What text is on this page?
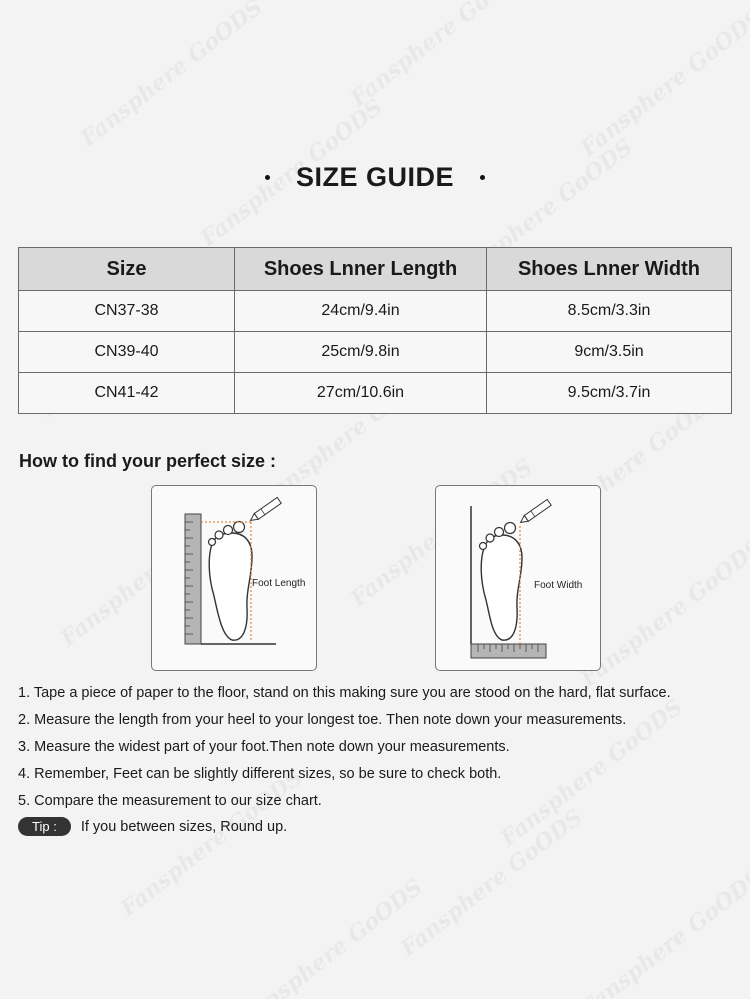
SIZE GUIDE
Size	Shoes Lnner Length	Shoes Lnner Width
CN37-38	24cm/9.4in	8.5cm/3.3in
CN39-40	25cm/9.8in	9cm/3.5in
CN41-42	27cm/10.6in	9.5cm/3.7in
How to find your perfect size :
Foot Length	Foot Width
1. Tape a piece of paper to the floor, stand on this making sure you are stood on the hard, flat surface.
2. Measure the length from your heel to your longest toe. Then note down your measurements.
3. Measure the widest part of your foot.Then note down your measurements.
4. Remember, Feet can be slightly different sizes, so be sure to check both.
5. Compare the measurement to our size chart.
Tip :	If you between sizes, Round up.
